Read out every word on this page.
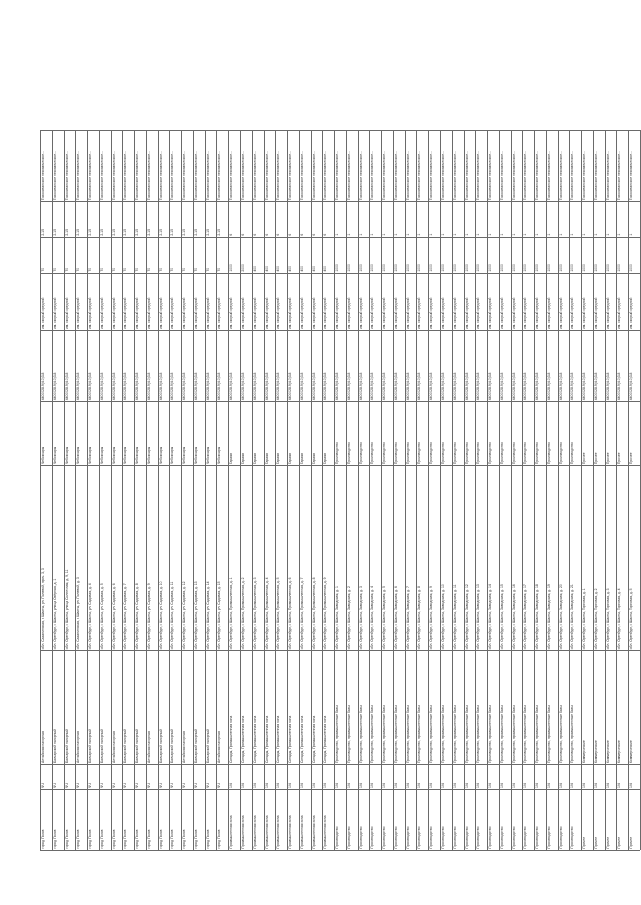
город Псков
ЧЧ
Алтайская нагорная
обл. Сахалинская, г. Шахты, ул. Полевой, проч. 3, 3
Чебоксары
4400028.9(4.0)3.8
им. скорый средний
70
2.15
Тихоокеанское нехимическое...
город Псков
ЧЧ
Бакчарский нагорный
обл. Оренбург, г. Шахты, улица Озёрная, д. 1
Чебоксары
4400028.9(4.0)3.8
им. скорый средний
70
2.15
Тихоокеанское нехимическое...
город Псков
ЧЧ
Бакчарский нагорный
обл. Оренбург, г. Шахты, улица Солнечная, д. 9, 11
Чебоксары
4400028.9(4.0)3.8
им. скорый средний
70
2.15
Тихоокеанское нехимическое...
город Псков
ЧЧ
Алтайская нагорная
обл. Сахалинская, г. Шахты, ул. Полевой, д. 3
Чебоксары
4400028.9(4.0)3.8
им. скорый средний
70
2.15
Тихоокеанское нехимическое...
город Псков
ЧЧ
Бакчарский нагорный
обл. Оренбург, г. Шахты, ул. Садовая, д. 4
Чебоксары
4400028.9(4.0)3.8
им. скорый средний
70
2.15
Тихоокеанское нехимическое...
город Псков
ЧЧ
Бакчарский нагорный
обл. Оренбург, г. Шахты, ул. Садовая, д. 5
Чебоксары
4400028.9(4.0)3.8
им. скорый средний
70
2.15
Тихоокеанское нехимическое...
город Псков
ЧЧ
Алтайская нагорная
обл. Оренбург, г. Шахты, ул. Садовая, д. 6
Чебоксары
4400028.9(4.0)3.8
им. скорый средний
70
2.15
Тихоокеанское нехимическое...
город Псков
ЧЧ
Бакчарский нагорный
обл. Оренбург, г. Шахты, ул. Садовая, д. 7
Чебоксары
4400028.9(4.0)3.8
им. скорый средний
70
2.15
Тихоокеанское нехимическое...
город Псков
ЧЧ
Бакчарский нагорный
обл. Оренбург, г. Шахты, ул. Садовая, д. 8
Чебоксары
4400028.9(4.0)3.8
им. скорый средний
70
2.15
Тихоокеанское нехимическое...
город Псков
ЧЧ
Алтайская нагорная
обл. Оренбург, г. Шахты, ул. Садовая, д. 9
Чебоксары
4400028.9(4.0)3.8
им. скорый средний
70
2.15
Тихоокеанское нехимическое...
город Псков
ЧЧ
Бакчарский нагорный
обл. Оренбург, г. Шахты, ул. Садовая, д. 10
Чебоксары
4400028.9(4.0)3.8
им. скорый средний
70
2.15
Тихоокеанское нехимическое...
город Псков
ЧЧ
Бакчарский нагорный
обл. Оренбург, г. Шахты, ул. Садовая, д. 11
Чебоксары
4400028.9(4.0)3.8
им. скорый средний
70
2.15
Тихоокеанское нехимическое...
город Псков
ЧЧ
Алтайская нагорная
обл. Оренбург, г. Шахты, ул. Садовая, д. 12
Чебоксары
4400028.9(4.0)3.8
им. скорый средний
70
2.15
Тихоокеанское нехимическое...
город Псков
ЧЧ
Бакчарский нагорный
обл. Оренбург, г. Шахты, ул. Садовая, д. 13
Чебоксары
4400028.9(4.0)3.8
им. скорый средний
70
2.15
Тихоокеанское нехимическое...
город Псков
ЧЧ
Бакчарский нагорный
обл. Оренбург, г. Шахты, ул. Садовая, д. 14
Чебоксары
4400028.9(4.0)3.8
им. скорый средний
70
2.15
Тихоокеанское нехимическое...
город Псков
ЧЧ
Алтайская нагорная
обл. Оренбург, г. Шахты, ул. Садовая, д. 15
Чебоксары
4400028.9(4.0)3.8
им. скорый средний
70
2.15
Тихоокеанское нехимическое...
Промышленная зона
1/4
Склады, Промышленная зона
обл. Оренбург, г. Шахты, Промышленная, д. 1
Гаражи
4400028.9(4.0)3.8
им. скорый средний
1000
6
Тихоокеанское нехимическое...
Промышленная зона
1/4
Склады, Промышленная зона
обл. Оренбург, г. Шахты, Промышленная, д. 2
Гаражи
4400028.9(4.0)3.8
им. скорый средний
2000
6
Тихоокеанское нехимическое...
Промышленная зона
1/4
Склады, Промышленная зона
обл. Оренбург, г. Шахты, Промышленная, д. 3
Гаражи
4400028.9(4.0)3.8
им. скорый средний
400
6
Тихоокеанское нехимическое...
Промышленная зона
1/4
Склады, Промышленная зона
обл. Оренбург, г. Шахты, Промышленная, д. 4
Гаражи
4400028.9(4.0)3.8
им. скорый средний
400
6
Тихоокеанское нехимическое...
Промышленная зона
1/4
Склады, Промышленная зона
обл. Оренбург, г. Шахты, Промышленная, д. 5
Гаражи
4400028.9(4.0)3.8
им. скорый средний
400
6
Тихоокеанское нехимическое...
Промышленная зона
1/4
Склады, Промышленная зона
обл. Оренбург, г. Шахты, Промышленная, д. 6
Гаражи
4400028.9(4.0)3.8
им. скорый средний
400
6
Тихоокеанское нехимическое...
Промышленная зона
1/4
Склады, Промышленная зона
обл. Оренбург, г. Шахты, Промышленная, д. 7
Гаражи
4400028.9(4.0)3.8
им. скорый средний
400
6
Тихоокеанское нехимическое...
Промышленная зона
1/4
Склады, Промышленная зона
обл. Оренбург, г. Шахты, Промышленная, д. 8
Гаражи
4400028.9(4.0)3.8
им. скорый средний
400
6
Тихоокеанское нехимическое...
Промышленная зона
1/4
Склады, Промышленная зона
обл. Оренбург, г. Шахты, Промышленная, д. 9
Гаражи
4400028.9(4.0)3.8
им. скорый средний
400
6
Тихоокеанское нехимическое...
Производство
1/4
Производство, промышленные базы
обл. Оренбург, г. Шахты, Заводская, д. 1
Производство
4400028.9(4.0)3.8
им. скорый средний
1000
1
Тихоокеанское нехимическое...
Производство
1/4
Производство, промышленные базы
обл. Оренбург, г. Шахты, Заводская, д. 2
Производство
4400028.9(4.0)3.8
им. скорый средний
1000
1
Тихоокеанское нехимическое...
Производство
1/4
Производство, промышленные базы
обл. Оренбург, г. Шахты, Заводская, д. 3
Производство
4400028.9(4.0)3.8
им. скорый средний
1000
1
Тихоокеанское нехимическое...
Производство
1/4
Производство, промышленные базы
обл. Оренбург, г. Шахты, Заводская, д. 4
Производство
4400028.9(4.0)3.8
им. скорый средний
1000
1
Тихоокеанское нехимическое...
Производство
1/4
Производство, промышленные базы
обл. Оренбург, г. Шахты, Заводская, д. 5
Производство
4400028.9(4.0)3.8
им. скорый средний
1000
1
Тихоокеанское нехимическое...
Производство
1/4
Производство, промышленные базы
обл. Оренбург, г. Шахты, Заводская, д. 6
Производство
4400028.9(4.0)3.8
им. скорый средний
1000
1
Тихоокеанское нехимическое...
Производство
1/4
Производство, промышленные базы
обл. Оренбург, г. Шахты, Заводская, д. 7
Производство
4400028.9(4.0)3.8
им. скорый средний
1000
1
Тихоокеанское нехимическое...
Производство
1/4
Производство, промышленные базы
обл. Оренбург, г. Шахты, Заводская, д. 8
Производство
4400028.9(4.0)3.8
им. скорый средний
1000
1
Тихоокеанское нехимическое...
Производство
1/4
Производство, промышленные базы
обл. Оренбург, г. Шахты, Заводская, д. 9
Производство
4400028.9(4.0)3.8
им. скорый средний
1000
1
Тихоокеанское нехимическое...
Производство
1/4
Производство, промышленные базы
обл. Оренбург, г. Шахты, Заводская, д. 10
Производство
4400028.9(4.0)3.8
им. скорый средний
1000
1
Тихоокеанское нехимическое...
Производство
1/4
Производство, промышленные базы
обл. Оренбург, г. Шахты, Заводская, д. 11
Производство
4400028.9(4.0)3.8
им. скорый средний
1000
1
Тихоокеанское нехимическое...
Производство
1/4
Производство, промышленные базы
обл. Оренбург, г. Шахты, Заводская, д. 12
Производство
4400028.9(4.0)3.8
им. скорый средний
1000
1
Тихоокеанское нехимическое...
Производство
1/4
Производство, промышленные базы
обл. Оренбург, г. Шахты, Заводская, д. 13
Производство
4400028.9(4.0)3.8
им. скорый средний
1000
1
Тихоокеанское нехимическое...
Производство
1/4
Производство, промышленные базы
обл. Оренбург, г. Шахты, Заводская, д. 14
Производство
4400028.9(4.0)3.8
им. скорый средний
1000
1
Тихоокеанское нехимическое...
Производство
1/4
Производство, промышленные базы
обл. Оренбург, г. Шахты, Заводская, д. 15
Производство
4400028.9(4.0)3.8
им. скорый средний
1000
1
Тихоокеанское нехимическое...
Производство
1/4
Производство, промышленные базы
обл. Оренбург, г. Шахты, Заводская, д. 16
Производство
4400028.9(4.0)3.8
им. скорый средний
1000
1
Тихоокеанское нехимическое...
Производство
1/4
Производство, промышленные базы
обл. Оренбург, г. Шахты, Заводская, д. 17
Производство
4400028.9(4.0)3.8
им. скорый средний
1000
1
Тихоокеанское нехимическое...
Производство
1/4
Производство, промышленные базы
обл. Оренбург, г. Шахты, Заводская, д. 18
Производство
4400028.9(4.0)3.8
им. скорый средний
1000
1
Тихоокеанское нехимическое...
Производство
1/4
Производство, промышленные базы
обл. Оренбург, г. Шахты, Заводская, д. 19
Производство
4400028.9(4.0)3.8
им. скорый средний
1000
1
Тихоокеанское нехимическое...
Производство
1/4
Производство, промышленные базы
обл. Оренбург, г. Шахты, Заводская, д. 20
Производство
4400028.9(4.0)3.8
им. скорый средний
1000
1
Тихоокеанское нехимическое...
Производство
1/4
Производство, промышленные базы
обл. Оренбург, г. Шахты, Заводская, д. 21
Производство
4400028.9(4.0)3.8
им. скорый средний
1000
1
Тихоокеанское нехимическое...
Прочее
1/4
Коммерческие
обл. Оренбург, г. Шахты, Торговая, д. 1
Прочее
4400028.9(4.0)3.8
им. скорый средний
1000
1
Тихоокеанское нехимическое...
Прочее
1/4
Коммерческие
обл. Оренбург, г. Шахты, Торговая, д. 2
Прочее
4400028.9(4.0)3.8
им. скорый средний
1000
1
Тихоокеанское нехимическое...
Прочее
1/4
Коммерческие
обл. Оренбург, г. Шахты, Торговая, д. 3
Прочее
4400028.9(4.0)3.8
им. скорый средний
1000
1
Тихоокеанское нехимическое...
Прочее
1/4
Коммерческие
обл. Оренбург, г. Шахты, Торговая, д. 4
Прочее
4400028.9(4.0)3.8
им. скорый средний
1000
1
Тихоокеанское нехимическое...
Прочее
1/4
Коммерческие
обл. Оренбург, г. Шахты, Торговая, д. 5
Прочее
4400028.9(4.0)3.8
им. скорый средний
1000
1
Тихоокеанское нехимическое...
